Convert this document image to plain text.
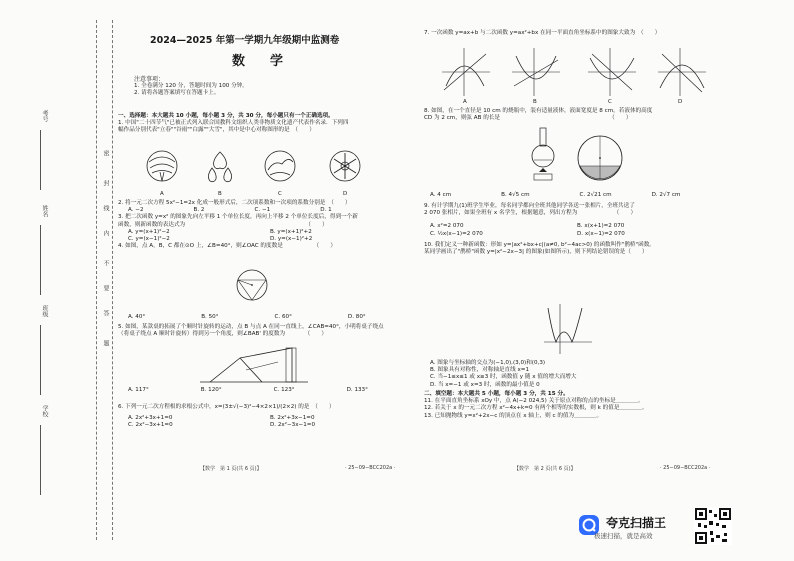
考号
姓名
班级
学校
密
封
线
内
不
要
答
题
2024—2025 年第一学期九年级期中监测卷
数　学
注意事项：
1. 全卷满分 120 分，答题时间为 100 分钟。
2. 请将各题答案填写在答题卡上。
一、选择题：本大题共 10 小题，每小题 3 分，共 30 分，每小题只有一个正确选项。
1. 中国"二十四节气"已被正式列入联合国教科文组织人类非物质文化遗产代表作名录．下列四
幅作品分别代表"立春""谷雨""白露""大雪"，其中是中心对称图形的是　（　　）
A	B	C	D
2. 将一元二次方程 5x²−1=2x 化成一般形式后，二次项系数和一次项的系数分别是　（　　）
A. −2	B. 2	C. −1	D. 1
3. 把二次函数 y=x² 的图象先向左平移 1 个单位长度，再向上平移 2 个单位长度后，得到一个新
函数，则新函数的表达式为　　　　　　　　　　　　　　　　　　　　　　（　　）
A. y=(x+1)²−2	B. y=(x+1)²+2
C. y=(x−1)²−2	D. y=(x−1)²+2
4. 如图，点 A，B，C 都在⊙O 上，∠B=40°，则∠OAC 的度数是　　　　　　（　　）
A. 40°	B. 50°	C. 60°	D. 80°
5. 如图，某款桌的拓展了个顺时针旋转的运动，点 B 与点 A 在同一直线上，∠CAB=40°，小明将桌子绕点
（将桌子绕点 A 顺时针旋转）得到另一个角度，则∠BAB' 的度数为　　　　（　　）
A. 117°	B. 120°	C. 123°	D. 133°
6. 下列一元二次方程根的求根公式中，x=(3±√(−3)²−4×2×1)/(2×2) 的是　（　　）
A. 2x²+3x+1=0	B. 2x²+3x−1=0
C. 2x²−3x+1=0	D. 2x²−3x−1=0
【数学　第 1 页(共 6 页)】	· 25−09−BCC202a ·
7. 一次函数 y=ax+b 与二次函数 y=ax²+bx 在同一平面直角坐标系中的图象大致为　（　　）
A	B	C	D
8. 如图，在一个直径是 10 cm 的烧瓶中，装有适量液体，液面宽度是 8 cm，若液体的高度
CD 为 2 cm，则弦 AB 的长是　　　　　　　　　　　　　　　　　　　　（　　）
A. 4 cm	B. 4√5 cm	C. 2√21 cm	D. 2√7 cm
9. 有计学期九(1)班学生毕业，每名同学都向全班其他同学各送一张相片，全班共送了
2 070 张相片，如果全班有 x 名学生，根据题意，列出方程为　　　　　　　（　　）
A. x²=2 070	B. x(x+1)=2 070
C. ½x(x−1)=2 070	D. x(x−1)=2 070
10. 我们定义一种新函数：形如 y=|ax²+bx+c|(a≠0, b²−4ac>0) 的函数叫作"鹊桥"函数。
某同学画出了"鹊桥"函数 y=|x²−2x−3| 的图象(如图所示)，则下列结论错误的是（　　）
A. 图象与坐标轴的交点为(−1,0),(3,0)和(0,3)
B. 图象具有对称性，对称轴是直线 x=1
C. 当−1≤x≤1 或 x≥3 时，函数值 y 随 x 值的增大而增大
D. 当 x=−1 或 x=3 时，函数的最小值是 0
二、填空题：本大题共 5 小题，每小题 3 分，共 15 分。
11. 在平面直角坐标系 xOy 中，点 A(−2 024,5) 关于原点对称的点的坐标是＿＿＿＿。
12. 若关于 x 的一元二次方程 x²−4x+k=0 有两个相等的实数根，则 k 的值是＿＿＿＿。
13. 已知抛物线 y=x²+2x−c 的顶点在 x 轴上，则 c 的值为＿＿＿＿。
【数学　第 2 页(共 6 页)】	· 25−09−BCC202a ·
夸克扫描王
极速扫描，就是高效
